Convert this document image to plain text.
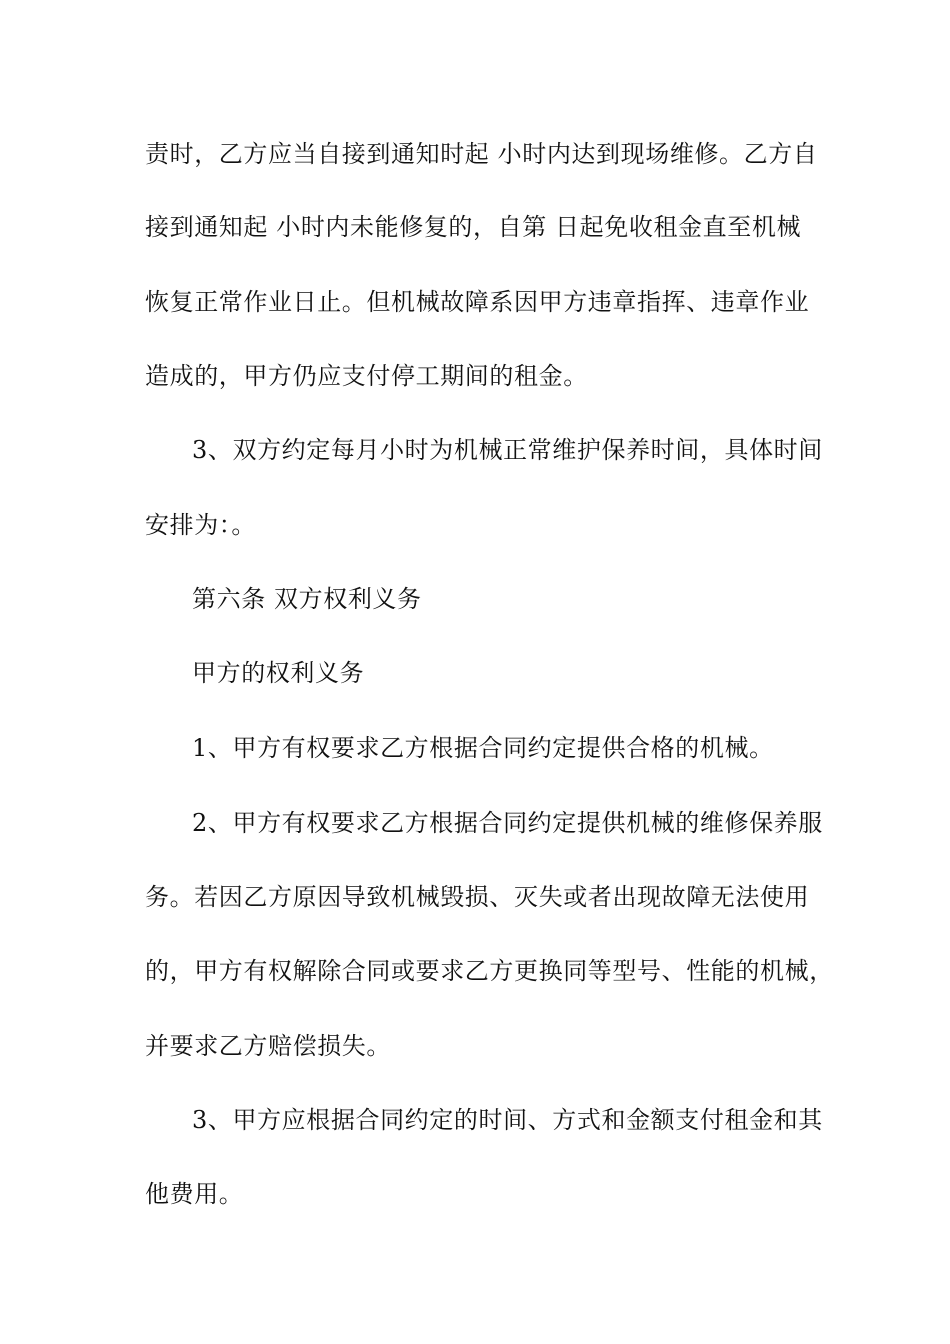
责时，乙方应当自接到通知时起 小时内达到现场维修。乙方自
接到通知起 小时内未能修复的，自第 日起免收租金直至机械
恢复正常作业日止。但机械故障系因甲方违章指挥、违章作业
造成的，甲方仍应支付停工期间的租金。
3、双方约定每月小时为机械正常维护保养时间，具体时间
安排为：。
第六条 双方权利义务
甲方的权利义务
1、甲方有权要求乙方根据合同约定提供合格的机械。
2、甲方有权要求乙方根据合同约定提供机械的维修保养服
务。若因乙方原因导致机械毁损、灭失或者出现故障无法使用
的，甲方有权解除合同或要求乙方更换同等型号、性能的机械，
并要求乙方赔偿损失。
3、甲方应根据合同约定的时间、方式和金额支付租金和其
他费用。
